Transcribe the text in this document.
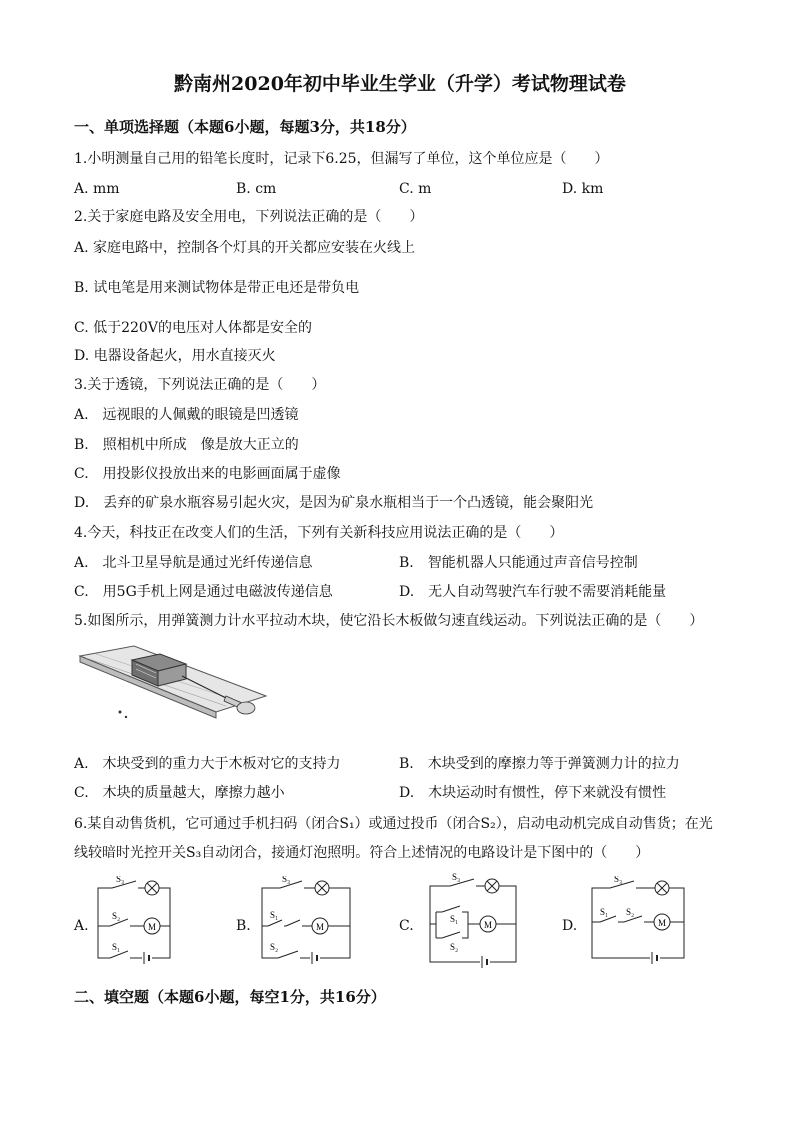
黔南州2020年初中毕业生学业（升学）考试物理试卷
一、单项选择题（本题6小题，每题3分，共18分）
1.小明测量自己用的铅笔长度时，记录下6.25，但漏写了单位，这个单位应是（　　）
A. mm	B. cm	C. m	D. km
2.关于家庭电路及安全用电，下列说法正确的是（　　）
A. 家庭电路中，控制各个灯具的开关都应安装在火线上
B. 试电笔是用来测试物体是带正电还是带负电
C. 低于220V的电压对人体都是安全的
D. 电器设备起火，用水直接灭火
3.关于透镜，下列说法正确的是（　　）
A.　远视眼的人佩戴的眼镜是凹透镜
B.　照相机中所成　像是放大正立的
C.　用投影仪投放出来的电影画面属于虚像
D.　丢弃的矿泉水瓶容易引起火灾，是因为矿泉水瓶相当于一个凸透镜，能会聚阳光
4.今天，科技正在改变人们的生活，下列有关新科技应用说法正确的是（　　）
A.　北斗卫星导航是通过光纤传递信息	B.　智能机器人只能通过声音信号控制
C.　用5G手机上网是通过电磁波传递信息	D.　无人自动驾驶汽车行驶不需要消耗能量
5.如图所示，用弹簧测力计水平拉动木块，使它沿长木板做匀速直线运动。下列说法正确的是（　　）
A.　木块受到的重力大于木板对它的支持力	B.　木块受到的摩擦力等于弹簧测力计的拉力
C.　木块的质量越大，摩擦力越小	D.　木块运动时有惯性，停下来就没有惯性
6.某自动售货机，它可通过手机扫码（闭合S₁）或通过投币（闭合S₂），启动电动机完成自动售货；在光
线较暗时光控开关S₃自动闭合，接通灯泡照明。符合上述情况的电路设计是下图中的（　　）
A.
S₃
S₂
M
S₁
B.
S₃
S₁
M
S₂
C.
S₃
S₁
M
S₂
D.
S₃
S₁ S₂
M
二、填空题（本题6小题，每空1分，共16分）
